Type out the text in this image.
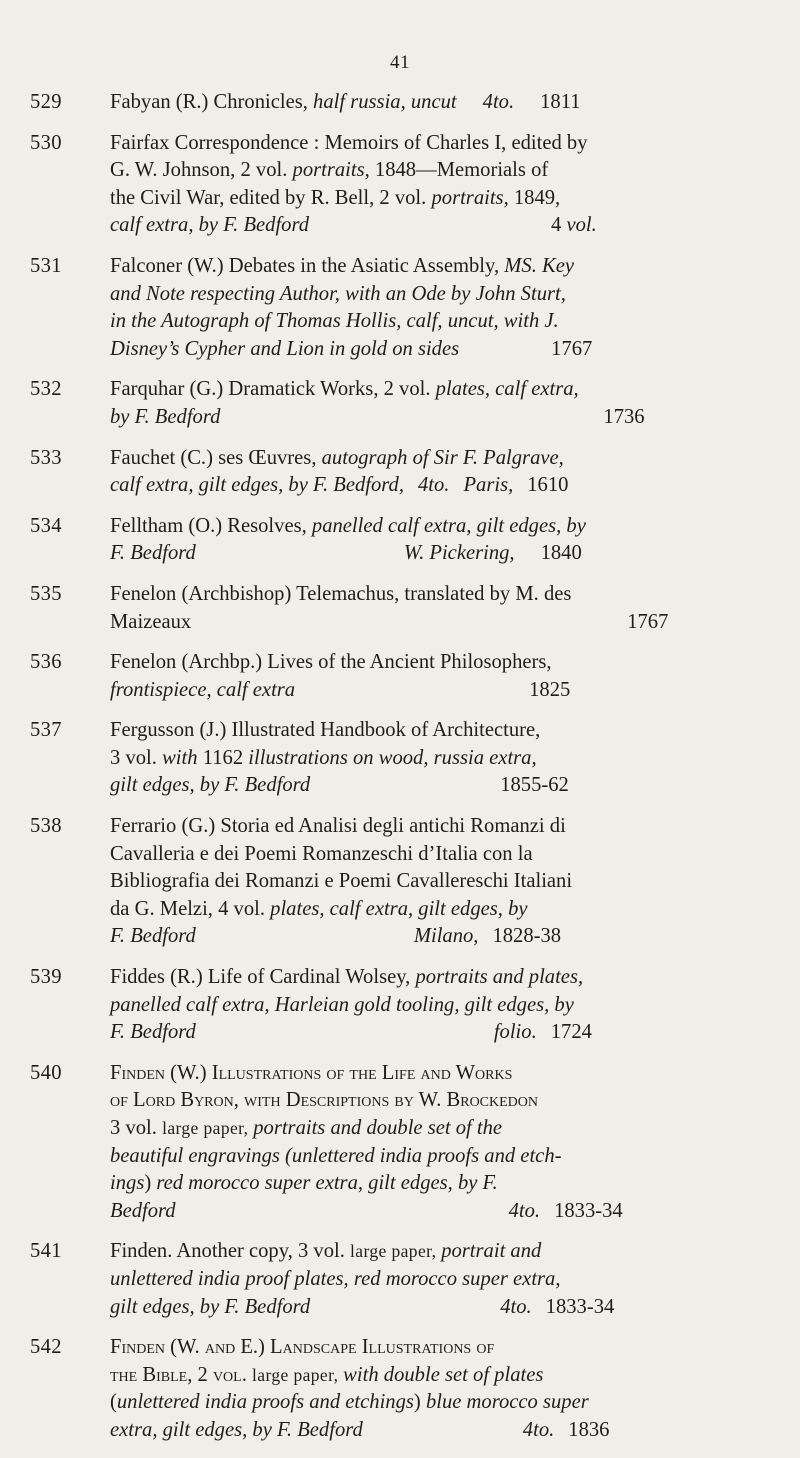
41
529	Fabyan (R.) Chronicles, half russia, uncut 4to. 1811
530	Fairfax Correspondence : Memoirs of Charles I, edited by
G. W. Johnson, 2 vol. portraits, 1848—Memorials of
the Civil War, edited by R. Bell, 2 vol. portraits, 1849,
calf extra, by F. Bedford	4 vol.
531	Falconer (W.) Debates in the Asiatic Assembly, MS. Key
and Note respecting Author, with an Ode by John Sturt,
in the Autograph of Thomas Hollis, calf, uncut, with J.
Disney’s Cypher and Lion in gold on sides	1767
532	Farquhar (G.) Dramatick Works, 2 vol. plates, calf extra,
by F. Bedford	1736
533	Fauchet (C.) ses Œuvres, autograph of Sir F. Palgrave,
calf extra, gilt edges, by F. Bedford, 4to. Paris, 1610
534	Felltham (O.) Resolves, panelled calf extra, gilt edges, by
F. Bedford	W. Pickering, 1840
535	Fenelon (Archbishop) Telemachus, translated by M. des
Maizeaux	1767
536	Fenelon (Archbp.) Lives of the Ancient Philosophers,
frontispiece, calf extra	1825
537	Fergusson (J.) Illustrated Handbook of Architecture,
3 vol. with 1162 illustrations on wood, russia extra,
gilt edges, by F. Bedford	1855-62
538	Ferrario (G.) Storia ed Analisi degli antichi Romanzi di
Cavalleria e dei Poemi Romanzeschi d’Italia con la
Bibliografia dei Romanzi e Poemi Cavallereschi Italiani
da G. Melzi, 4 vol. plates, calf extra, gilt edges, by
F. Bedford	Milano, 1828-38
539	Fiddes (R.) Life of Cardinal Wolsey, portraits and plates,
panelled calf extra, Harleian gold tooling, gilt edges, by
F. Bedford	folio. 1724
540	Finden (W.) Illustrations of the Life and Works
of Lord Byron, with Descriptions by W. Brockedon
3 vol. large paper, portraits and double set of the
beautiful engravings (unlettered india proofs and etch-
ings) red morocco super extra, gilt edges, by F.
Bedford	4to. 1833-34
541	Finden. Another copy, 3 vol. large paper, portrait and
unlettered india proof plates, red morocco super extra,
gilt edges, by F. Bedford	4to. 1833-34
542	Finden (W. and E.) Landscape Illustrations of
the Bible, 2 vol. large paper, with double set of plates
(unlettered india proofs and etchings) blue morocco super
extra, gilt edges, by F. Bedford	4to. 1836
